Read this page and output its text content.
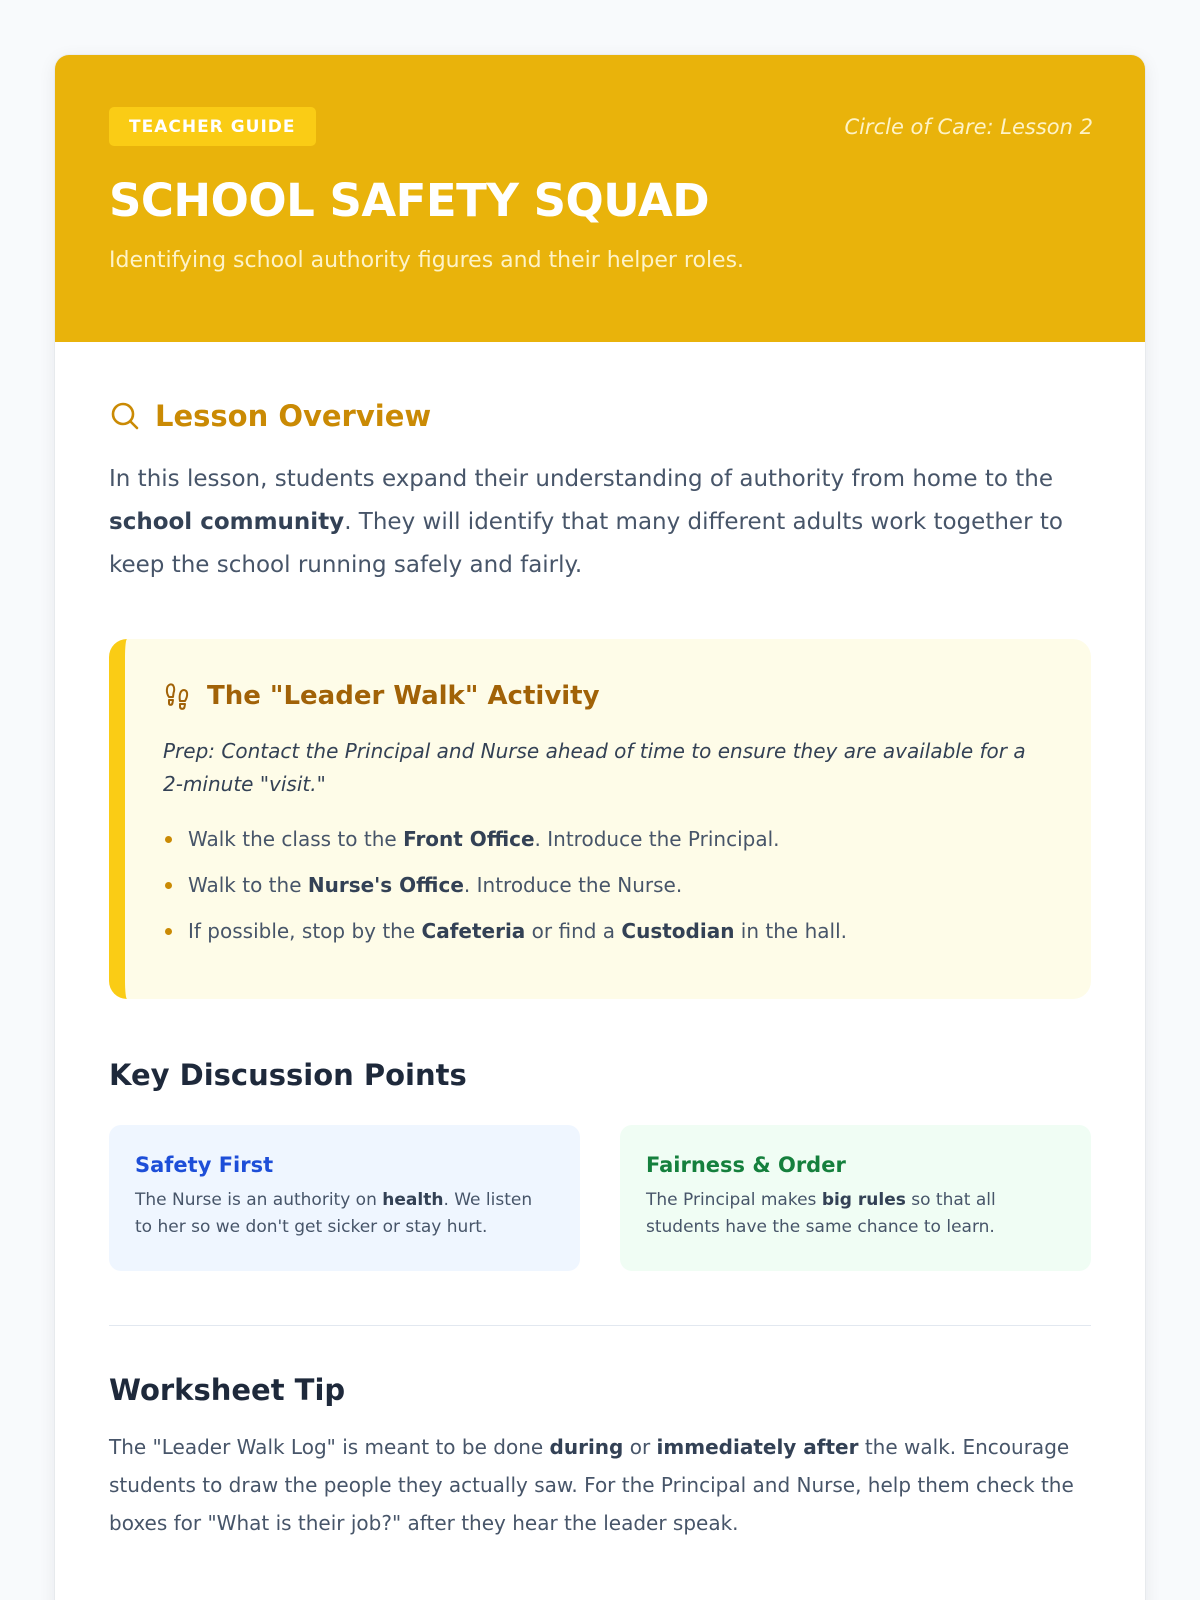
TEACHER GUIDE	Circle of Care: Lesson 2
SCHOOL SAFETY SQUAD

Identifying school authority figures and their helper roles.

Lesson Overview

In this lesson, students expand their understanding of authority from home to the school community. They will identify that many different adults work together to keep the school running safely and fairly.

The "Leader Walk" Activity

Prep: Contact the Principal and Nurse ahead of time to ensure they are available for a 2-minute "visit."

Walk the class to the Front Office. Introduce the Principal.
Walk to the Nurse's Office. Introduce the Nurse.
If possible, stop by the Cafeteria or find a Custodian in the hall.
Key Discussion Points
Safety First

The Nurse is an authority on health. We listen to her so we don't get sicker or stay hurt.

Fairness & Order

The Principal makes big rules so that all students have the same chance to learn.

Worksheet Tip

The "Leader Walk Log" is meant to be done during or immediately after the walk. Encourage students to draw the people they actually saw. For the Principal and Nurse, help them check the boxes for "What is their job?" after they hear the leader speak.
